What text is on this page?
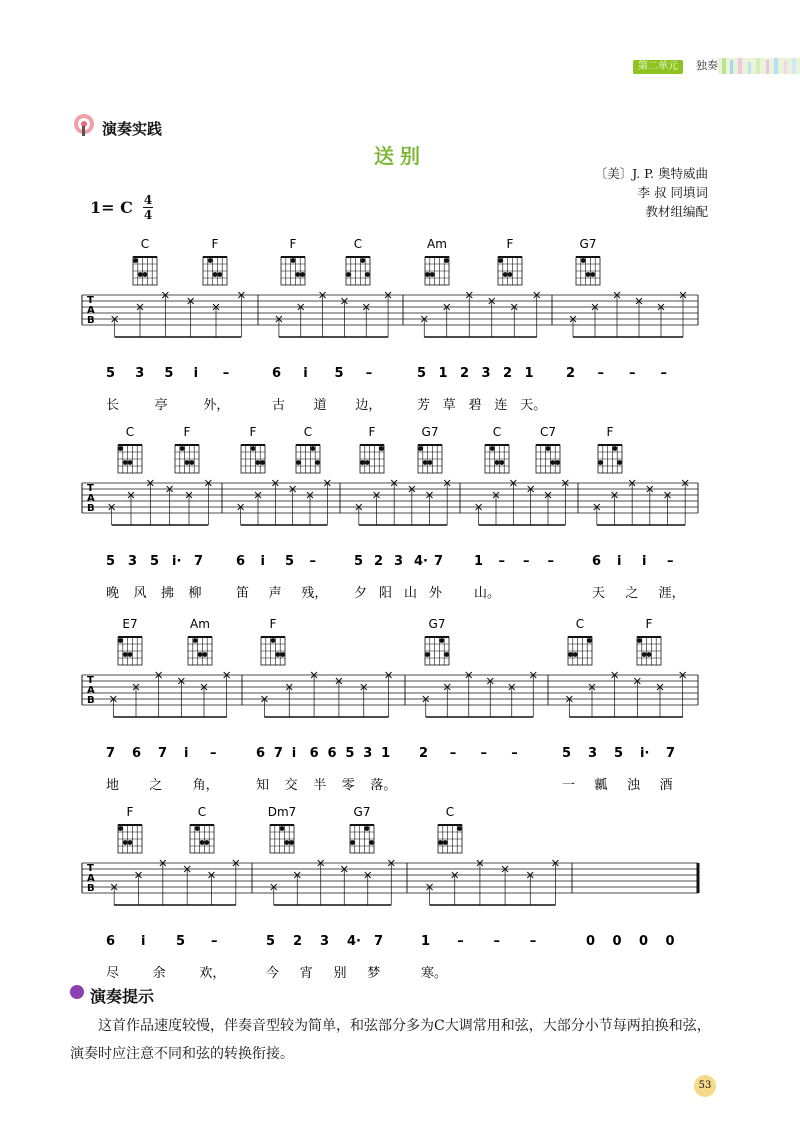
第二单元	独奏
演奏实践
送别
〔美〕J. P. 奥特威曲
李 叔 同填词
教材组编配
1= C 4
4
C	F	F	C	Am	F	G7
T
A
B
5 3 5 i –
长	亭	外，
6 i 5 –
古 道 边，
5 1 2 3 2 1
芳 草 碧 连 天。
2 – – –
C	F	F	C	F	G7	C	C7	F
T
A
B
5 3 5 i· 7
晚 风 拂 柳
6 i 5 –
笛 声 残，
5 2 3 4· 7
夕 阳 山 外
1 – – –
山。
6 i i –
天 之 涯，
E7	Am	F	G7	C	F
T
A
B
7 6 7 i –
地 之 角，
6 7 i 6 6 5 3 1
知 交 半 零 落。
2 – – –	5 3 5 i· 7
一 瓤 浊 酒
F	C	Dm7	G7	C
T
A
B
6 i 5 –
尽	余	欢，
5 2 3 4· 7
今 宵 别 梦
1 – – –
寒。
0 0 0 0
演奏提示
这首作品速度较慢，伴奏音型较为简单，和弦部分多为C大调常用和弦，大部分小节每两拍换和弦，演奏时应注意不同和弦的转换衔接。
53
